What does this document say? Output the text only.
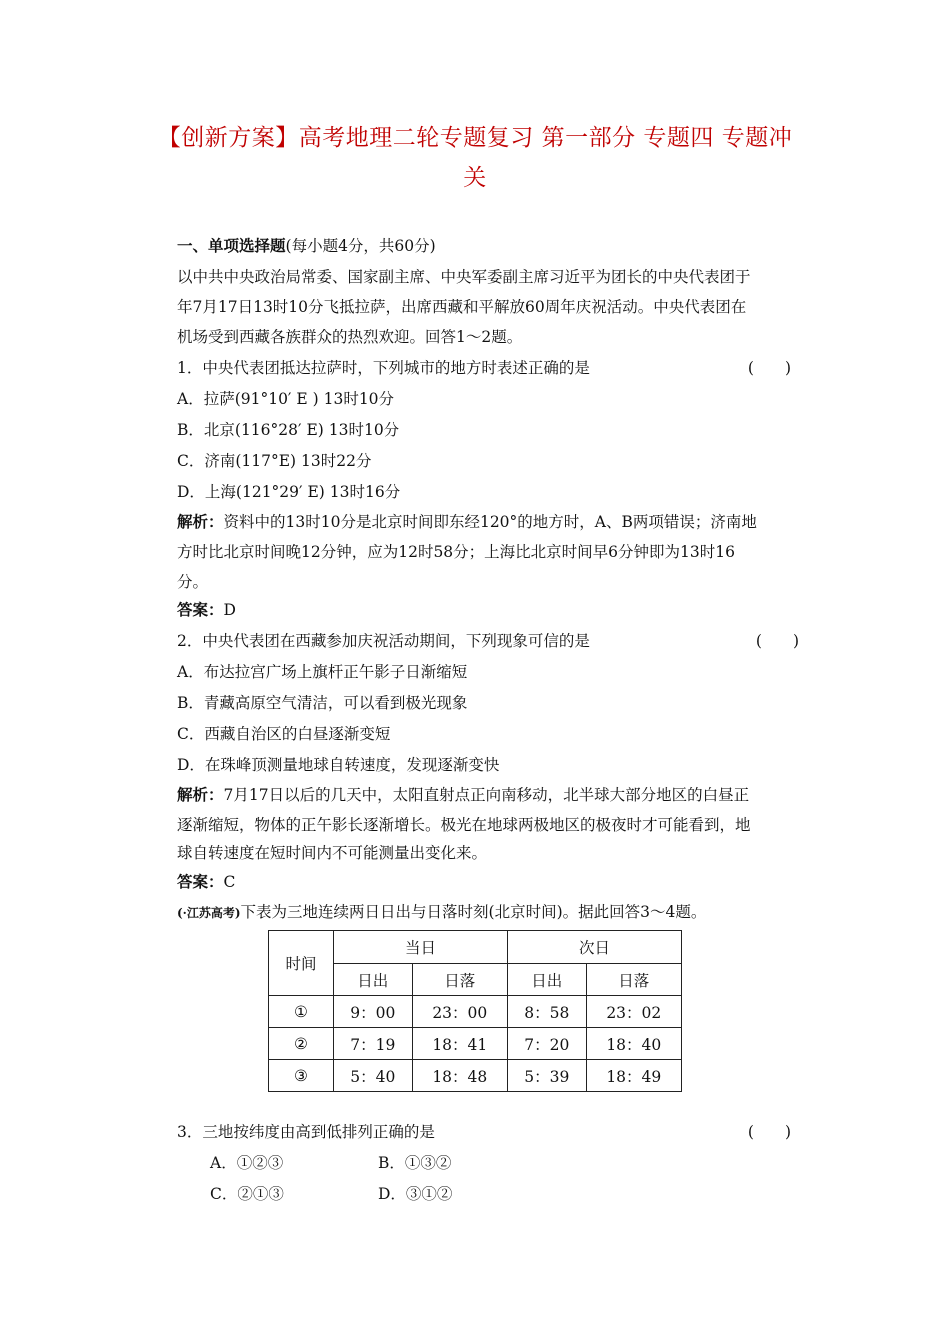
【创新方案】高考地理二轮专题复习 第一部分 专题四 专题冲关
一、单项选择题(每小题4分，共60分)
以中共中央政治局常委、国家副主席、中央军委副主席习近平为团长的中央代表团于
年7月17日13时10分飞抵拉萨，出席西藏和平解放60周年庆祝活动。中央代表团在
机场受到西藏各族群众的热烈欢迎。回答1～2题。
1．中央代表团抵达拉萨时，下列城市的地方时表述正确的是	(　　)
A．拉萨(91°10′ E ) 13时10分
B．北京(116°28′ E) 13时10分
C．济南(117°E) 13时22分
D．上海(121°29′ E) 13时16分
解析：资料中的13时10分是北京时间即东经120°的地方时，A、B两项错误；济南地
方时比北京时间晚12分钟，应为12时58分；上海比北京时间早6分钟即为13时16
分。
答案：D
2．中央代表团在西藏参加庆祝活动期间，下列现象可信的是	(　　)
A．布达拉宫广场上旗杆正午影子日渐缩短
B．青藏高原空气清洁，可以看到极光现象
C．西藏自治区的白昼逐渐变短
D．在珠峰顶测量地球自转速度，发现逐渐变快
解析：7月17日以后的几天中，太阳直射点正向南移动，北半球大部分地区的白昼正
逐渐缩短，物体的正午影长逐渐增长。极光在地球两极地区的极夜时才可能看到，地
球自转速度在短时间内不可能测量出变化来。
答案：C
(·江苏高考)下表为三地连续两日日出与日落时刻(北京时间)。据此回答3～4题。
时间	当日		次日	
	日出	日落	日出	日落
①	9：00	23：00	8：58	23：02
②	7：19	18：41	7：20	18：40
③	5：40	18：48	5：39	18：49
3．三地按纬度由高到低排列正确的是	(　　)
A．①②③	B．①③②
C．②①③	D．③①②
